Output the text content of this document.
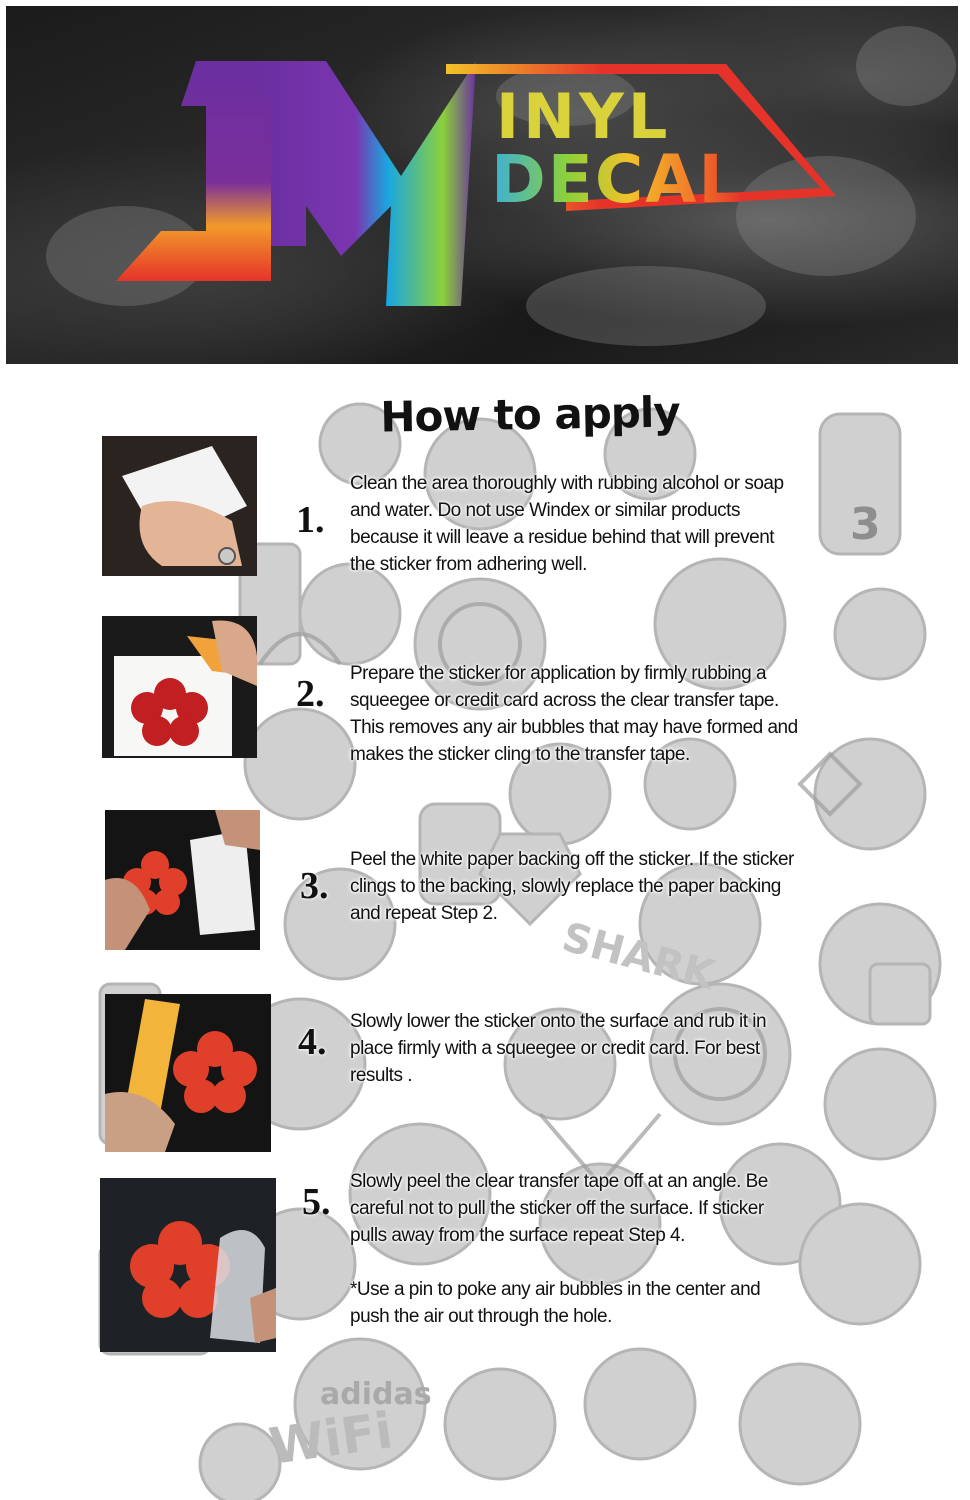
INYL
DECAL
3
SHARK
adidas
WiFi
How to apply
1.
Clean the area thoroughly with rubbing alcohol or soap and water. Do not use Windex or similar products because it will leave a residue behind that will prevent the sticker from adhering well.
2. Prepare the sticker for application by firmly rubbing a squeegee or credit card across the clear transfer tape. This removes any air bubbles that may have formed and makes the sticker cling to the transfer tape.
3.
Peel the white paper backing off the sticker. If the sticker clings to the backing, slowly replace the paper backing and repeat Step 2.
4. Slowly lower the sticker onto the surface and rub it in place firmly with a squeegee or credit card. For best results .
5. Slowly peel the clear transfer tape off at an angle. Be careful not to pull the sticker off the surface. If sticker pulls away from the surface repeat Step 4.
*Use a pin to poke any air bubbles in the center and push the air out through the hole.
